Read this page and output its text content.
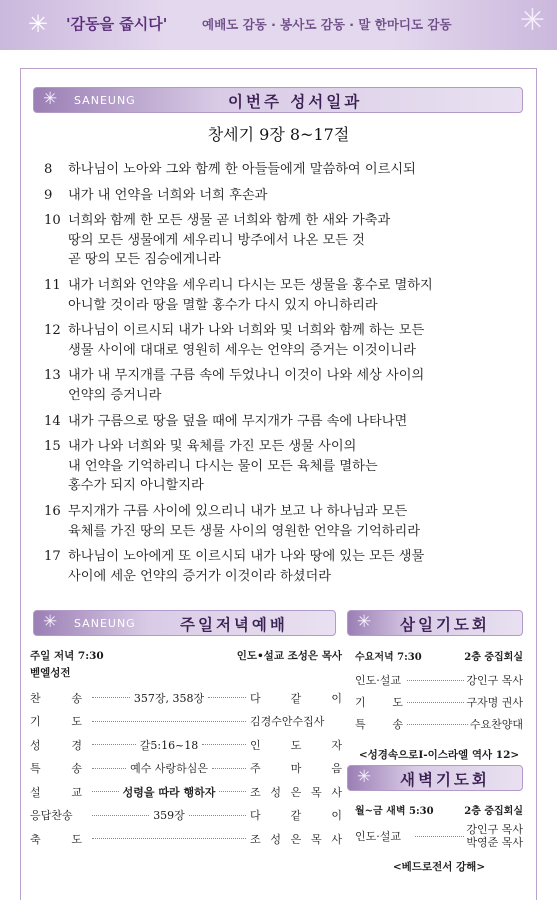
✳ '감동을 줍시다'	예배도 감동 · 봉사도 감동 · 말 한마디도 감동 ✳
✳ SANEUNG	이번주 성서일과
창세기 9장 8~17절
8	하나님이 노아와 그와 함께 한 아들들에게 말씀하여 이르시되
9	내가 내 언약을 너희와 너희 후손과
10 너희와 함께 한 모든 생물 곧 너희와 함께 한 새와 가축과
땅의 모든 생물에게 세우리니 방주에서 나온 모든 것
곧 땅의 모든 짐승에게니라
11 내가 너희와 언약을 세우리니 다시는 모든 생물을 홍수로 멸하지
아니할 것이라 땅을 멸할 홍수가 다시 있지 아니하리라
12 하나님이 이르시되 내가 나와 너희와 및 너희와 함께 하는 모든
생물 사이에 대대로 영원히 세우는 언약의 증거는 이것이니라
13 내가 내 무지개를 구름 속에 두었나니 이것이 나와 세상 사이의
언약의 증거니라
14 내가 구름으로 땅을 덮을 때에 무지개가 구름 속에 나타나면
15 내가 나와 너희와 및 육체를 가진 모든 생물 사이의
내 언약을 기억하리니 다시는 물이 모든 육체를 멸하는
홍수가 되지 아니할지라
16 무지개가 구름 사이에 있으리니 내가 보고 나 하나님과 모든
육체를 가진 땅의 모든 생물 사이의 영원한 언약을 기억하리라
17 하나님이 노아에게 또 이르시되 내가 나와 땅에 있는 모든 생물
사이에 세운 언약의 증거가 이것이라 하셨더라
✳ SANEUNG	주일저녁예배
주일 저녁 7:30	인도•설교 조성은 목사
벧엘성전
찬	송	357장, 358장	다	같	이
기	도	김경수안수집사
성	경	갈5:16~18	인	도	자
특	송	예수 사랑하심은	주	마	음
설	교	성령을 따라 행하자	조 성 은 목 사
응답찬송	359장	다	같	이
축	도	조 성 은 목 사
✳ 삼일기도회
수요저녁 7:30	2층 중집회실
인도·설교	강인구 목사
기 도	구자명 권사
특 송	수요찬양대
<성경속으로Ⅰ-이스라엘 역사 12>
✳ 새벽기도회
월~금 새벽 5:30	2층 중집회실
인도·설교
강인구 목사
박영준 목사
<베드로전서 강해>
